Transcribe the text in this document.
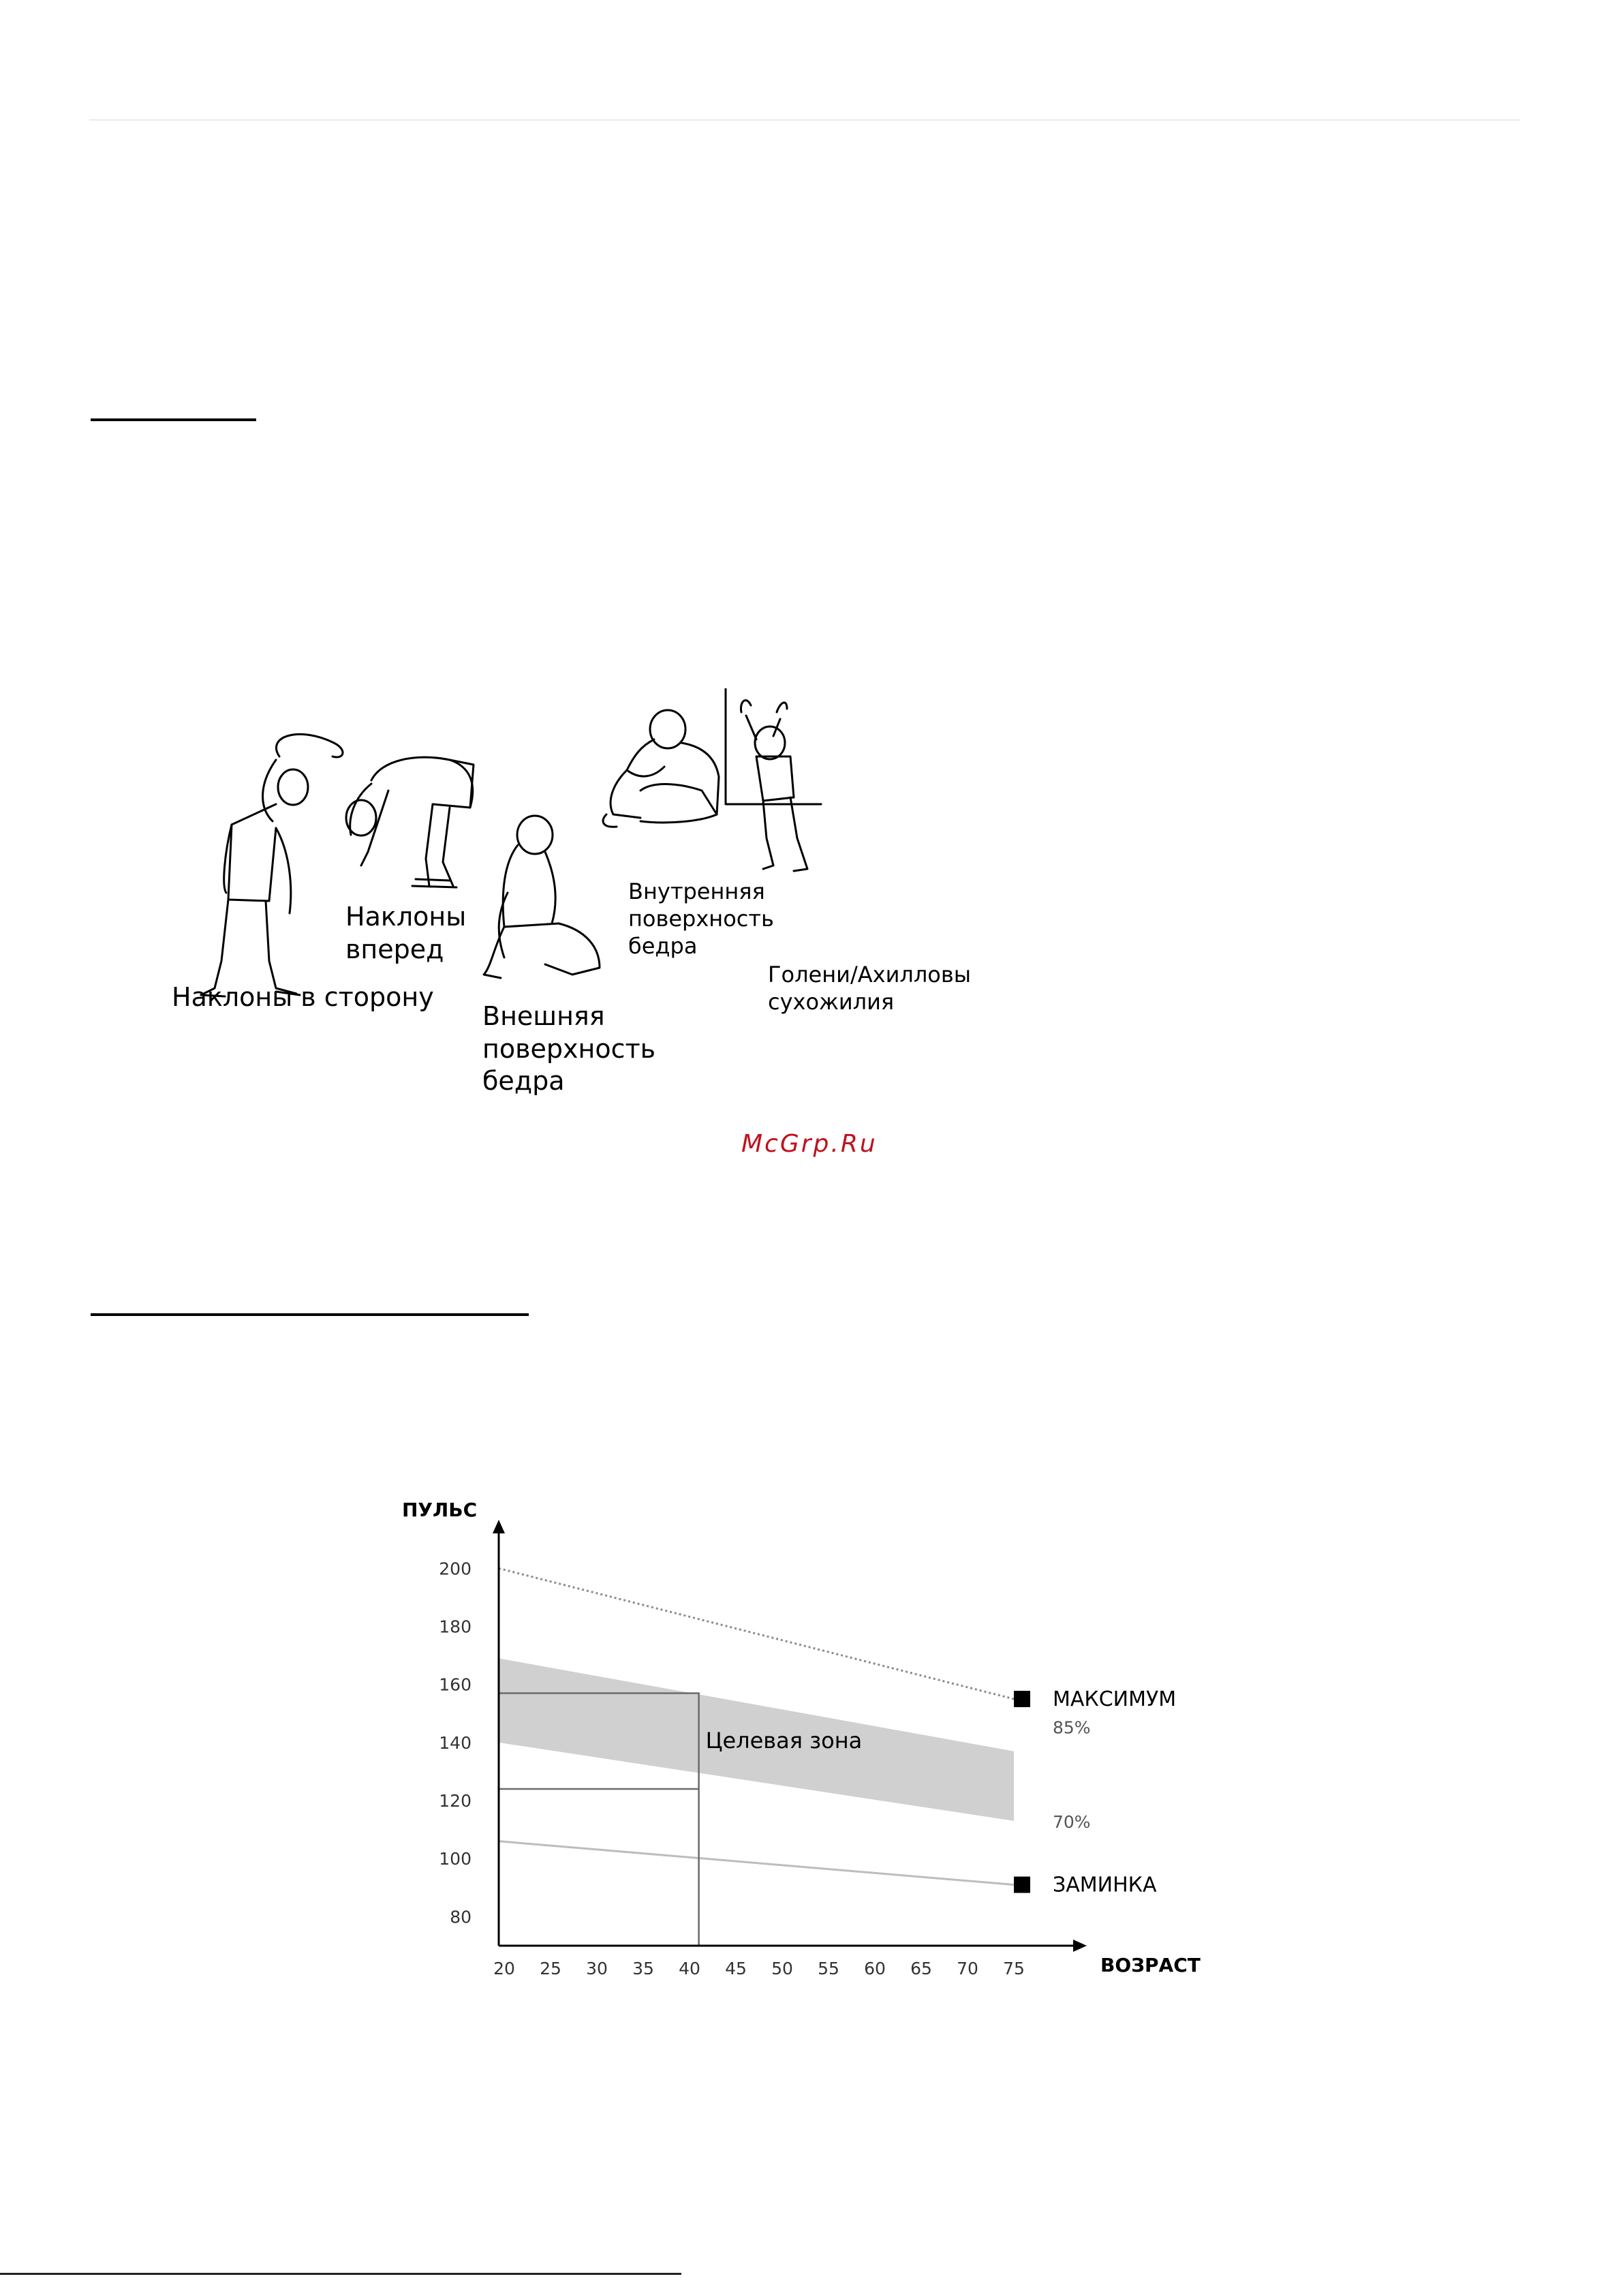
Наклоны в сторону
Наклоны
вперед
Внешняя
поверхность
бедра
Внутренняя
поверхность
бедра
Голени/Ахилловы
сухожилия
McGrp.Ru
80
100
120
140
160
180
200
20 25 30 35 40 45 50 55 60 65 70 75
ПУЛЬС
ВОЗРАСТ
МАКСИМУМ
85%
70%
ЗАМИНКА
Целевая зона
